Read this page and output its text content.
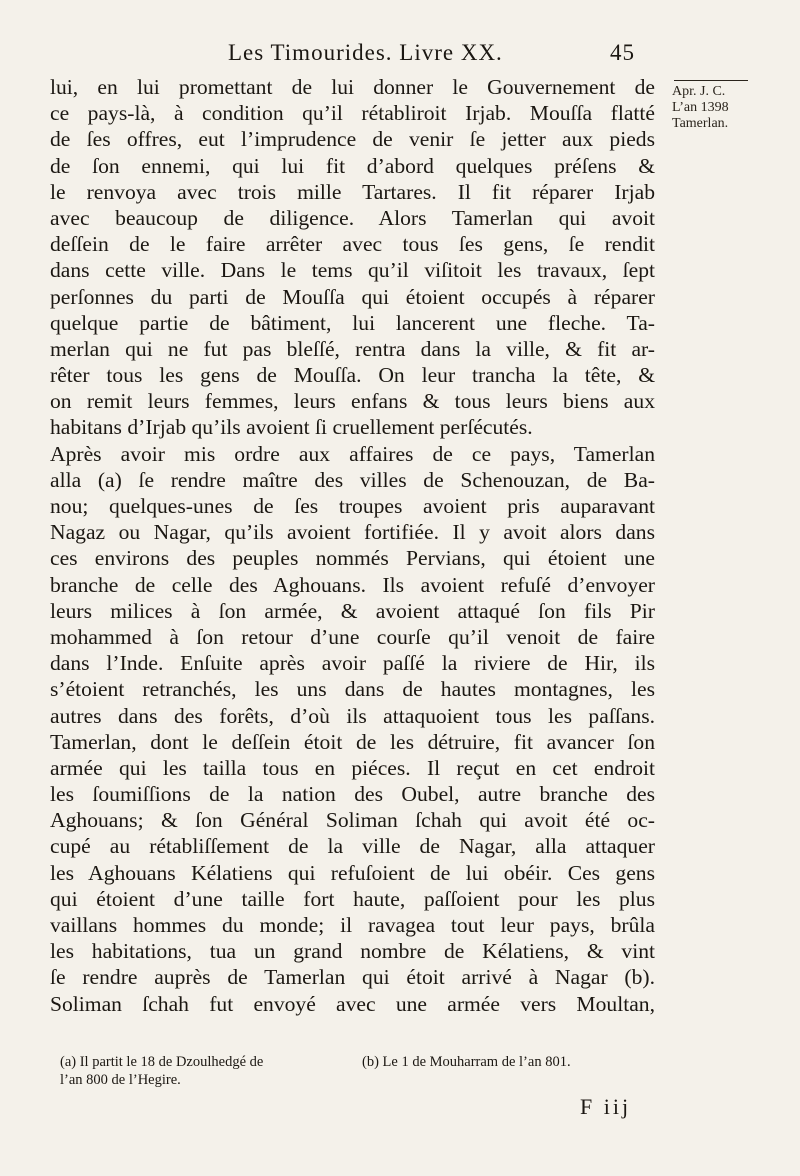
Les Timourides. Livre XX.	45
lui, en lui promettant de lui donner le Gouvernement de
ce pays-là, à condition qu’il rétabliroit Irjab. Mouſſa flatté
de ſes offres, eut l’imprudence de venir ſe jetter aux pieds
de ſon ennemi, qui lui fit d’abord quelques préſens &
le renvoya avec trois mille Tartares. Il fit réparer Irjab
avec beaucoup de diligence. Alors Tamerlan qui avoit
deſſein de le faire arrêter avec tous ſes gens, ſe rendit
dans cette ville. Dans le tems qu’il viſitoit les travaux, ſept
perſonnes du parti de Mouſſa qui étoient occupés à réparer
quelque partie de bâtiment, lui lancerent une fleche. Ta-
merlan qui ne fut pas bleſſé, rentra dans la ville, & fit ar-
rêter tous les gens de Mouſſa. On leur trancha la tête, &
on remit leurs femmes, leurs enfans & tous leurs biens aux
habitans d’Irjab qu’ils avoient ſi cruellement perſécutés.
Après avoir mis ordre aux affaires de ce pays, Tamerlan
alla (a) ſe rendre maître des villes de Schenouzan, de Ba-
nou; quelques-unes de ſes troupes avoient pris auparavant
Nagaz ou Nagar, qu’ils avoient fortifiée. Il y avoit alors dans
ces environs des peuples nommés Pervians, qui étoient une
branche de celle des Aghouans. Ils avoient refuſé d’envoyer
leurs milices à ſon armée, & avoient attaqué ſon fils Pir
mohammed à ſon retour d’une courſe qu’il venoit de faire
dans l’Inde. Enſuite après avoir paſſé la riviere de Hir, ils
s’étoient retranchés, les uns dans de hautes montagnes, les
autres dans des forêts, d’où ils attaquoient tous les paſſans.
Tamerlan, dont le deſſein étoit de les détruire, fit avancer ſon
armée qui les tailla tous en piéces. Il reçut en cet endroit
les ſoumiſſions de la nation des Oubel, autre branche des
Aghouans; & ſon Général Soliman ſchah qui avoit été oc-
cupé au rétabliſſement de la ville de Nagar, alla attaquer
les Aghouans Kélatiens qui refuſoient de lui obéir. Ces gens
qui étoient d’une taille fort haute, paſſoient pour les plus
vaillans hommes du monde; il ravagea tout leur pays, brûla
les habitations, tua un grand nombre de Kélatiens, & vint
ſe rendre auprès de Tamerlan qui étoit arrivé à Nagar (b).
Soliman ſchah fut envoyé avec une armée vers Moultan,
Apr. J. C.
L’an 1398
Tamerlan.
(a) Il partit le 18 de Dzoulhedgé de
l’an 800 de l’Hegire.
(b) Le 1 de Mouharram de l’an 801.
F iij
